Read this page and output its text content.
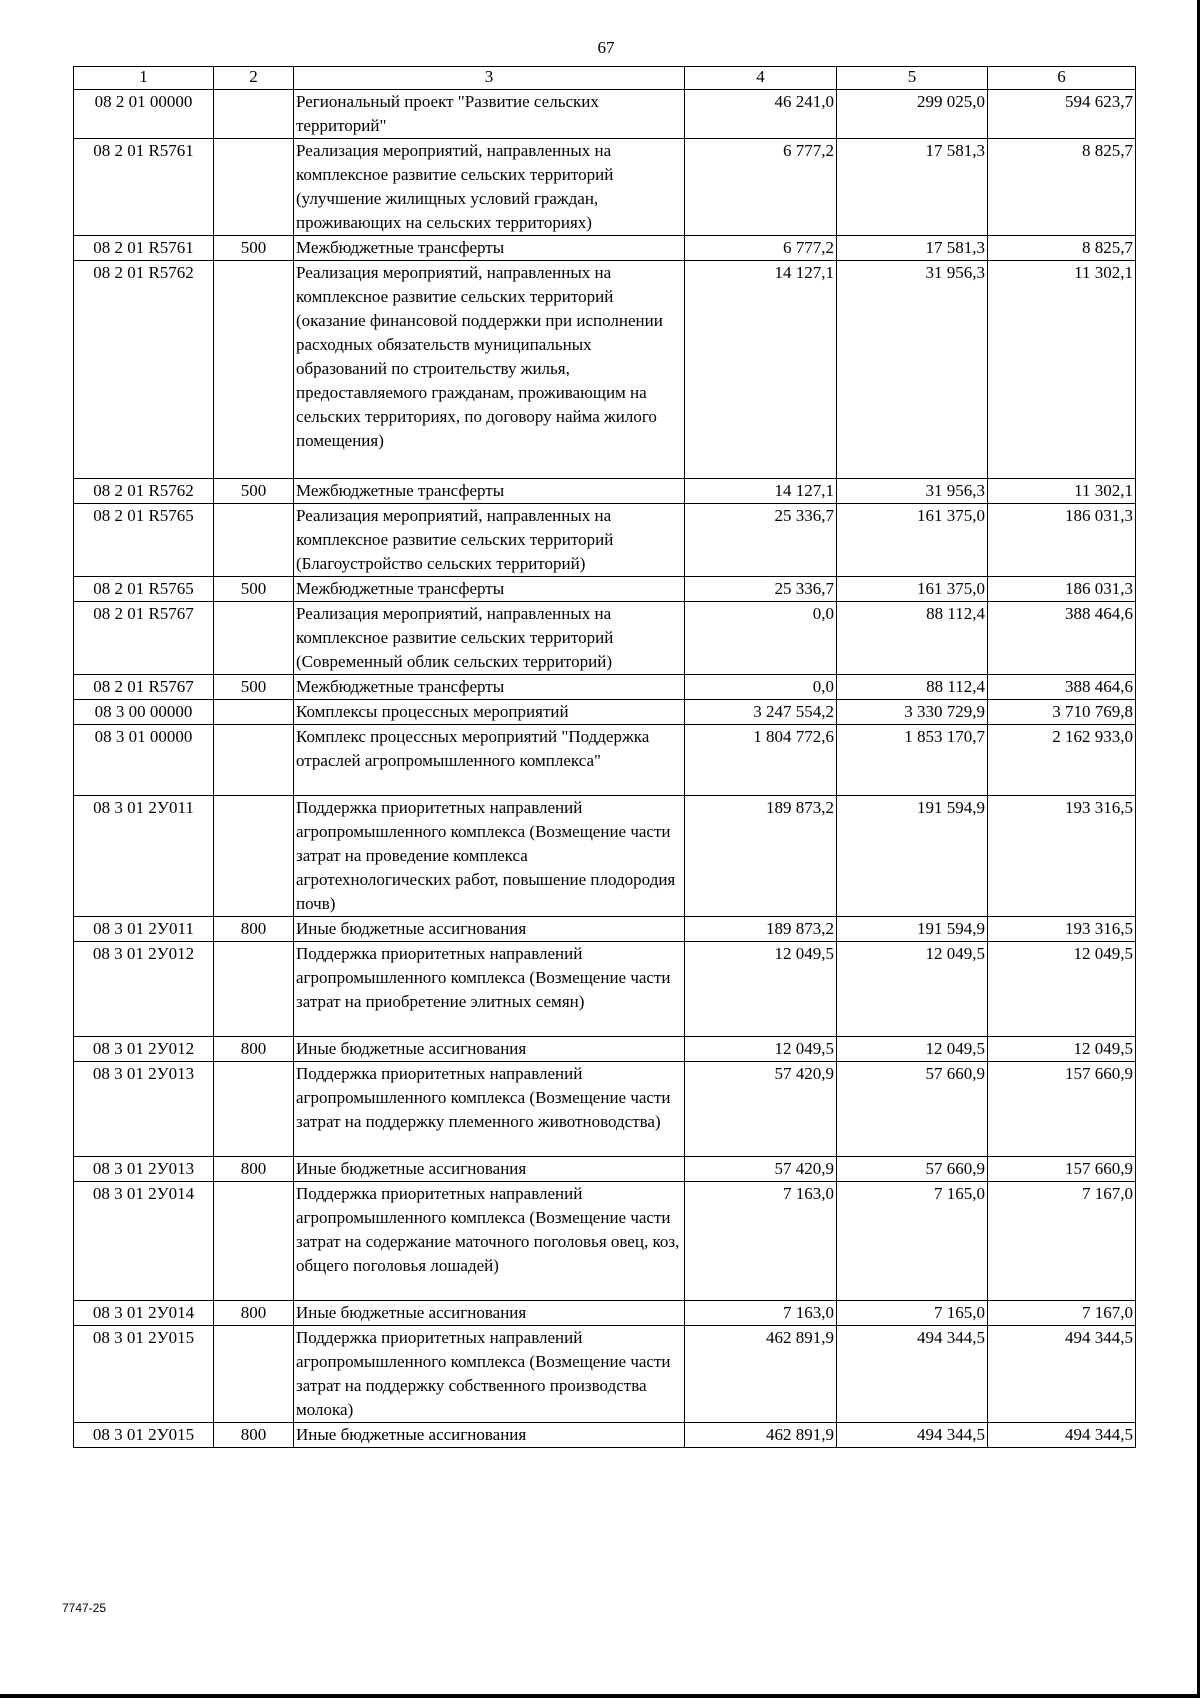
67
1	2	3	4	5	6
08 2 01 00000		Региональный проект "Развитие сельских территорий"	46 241,0	299 025,0	594 623,7
08 2 01 R5761		Реализация мероприятий, направленных на комплексное развитие сельских территорий (улучшение жилищных условий граждан, проживающих на сельских территориях)	6 777,2	17 581,3	8 825,7
08 2 01 R5761	500	Межбюджетные трансферты	6 777,2	17 581,3	8 825,7
08 2 01 R5762		Реализация мероприятий, направленных на комплексное развитие сельских территорий (оказание финансовой поддержки при исполнении расходных обязательств муниципальных образований по строительству жилья, предоставляемого гражданам, проживающим на сельских территориях, по договору найма жилого помещения)	14 127,1	31 956,3	11 302,1
08 2 01 R5762	500	Межбюджетные трансферты	14 127,1	31 956,3	11 302,1
08 2 01 R5765		Реализация мероприятий, направленных на комплексное развитие сельских территорий (Благоустройство сельских территорий)	25 336,7	161 375,0	186 031,3
08 2 01 R5765	500	Межбюджетные трансферты	25 336,7	161 375,0	186 031,3
08 2 01 R5767		Реализация мероприятий, направленных на комплексное развитие сельских территорий (Современный облик сельских территорий)	0,0	88 112,4	388 464,6
08 2 01 R5767	500	Межбюджетные трансферты	0,0	88 112,4	388 464,6
08 3 00 00000		Комплексы процессных мероприятий	3 247 554,2	3 330 729,9	3 710 769,8
08 3 01 00000		Комплекс процессных мероприятий "Поддержка отраслей агропромышленного комплекса"	1 804 772,6	1 853 170,7	2 162 933,0
08 3 01 2У011		Поддержка приоритетных направлений агропромышленного комплекса (Возмещение части затрат на проведение комплекса агротехнологических работ, повышение плодородия почв)	189 873,2	191 594,9	193 316,5
08 3 01 2У011	800	Иные бюджетные ассигнования	189 873,2	191 594,9	193 316,5
08 3 01 2У012		Поддержка приоритетных направлений агропромышленного комплекса (Возмещение части затрат на приобретение элитных семян)	12 049,5	12 049,5	12 049,5
08 3 01 2У012	800	Иные бюджетные ассигнования	12 049,5	12 049,5	12 049,5
08 3 01 2У013		Поддержка приоритетных направлений агропромышленного комплекса (Возмещение части затрат на поддержку племенного животноводства)	57 420,9	57 660,9	157 660,9
08 3 01 2У013	800	Иные бюджетные ассигнования	57 420,9	57 660,9	157 660,9
08 3 01 2У014		Поддержка приоритетных направлений агропромышленного комплекса (Возмещение части затрат на содержание маточного поголовья овец, коз, общего поголовья лошадей)	7 163,0	7 165,0	7 167,0
08 3 01 2У014	800	Иные бюджетные ассигнования	7 163,0	7 165,0	7 167,0
08 3 01 2У015		Поддержка приоритетных направлений агропромышленного комплекса (Возмещение части затрат на поддержку собственного производства молока)	462 891,9	494 344,5	494 344,5
08 3 01 2У015	800	Иные бюджетные ассигнования	462 891,9	494 344,5	494 344,5
7747-25
